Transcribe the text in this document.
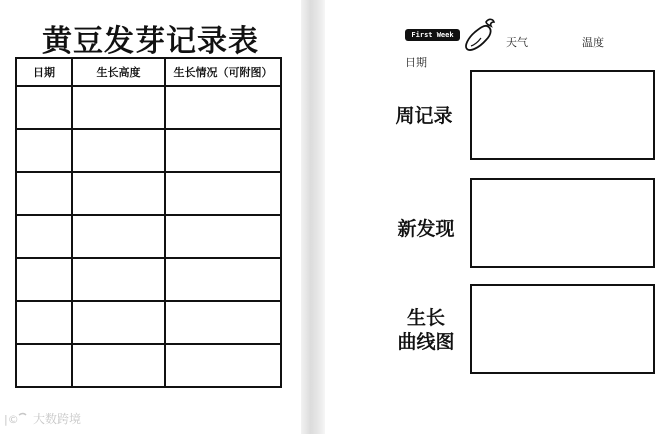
黄豆发芽记录表
日期	生长高度	生长情况（可附图）

|© 大数跨境
First Week
天气	温度
日期
周记录
新发现
生长
曲线图
